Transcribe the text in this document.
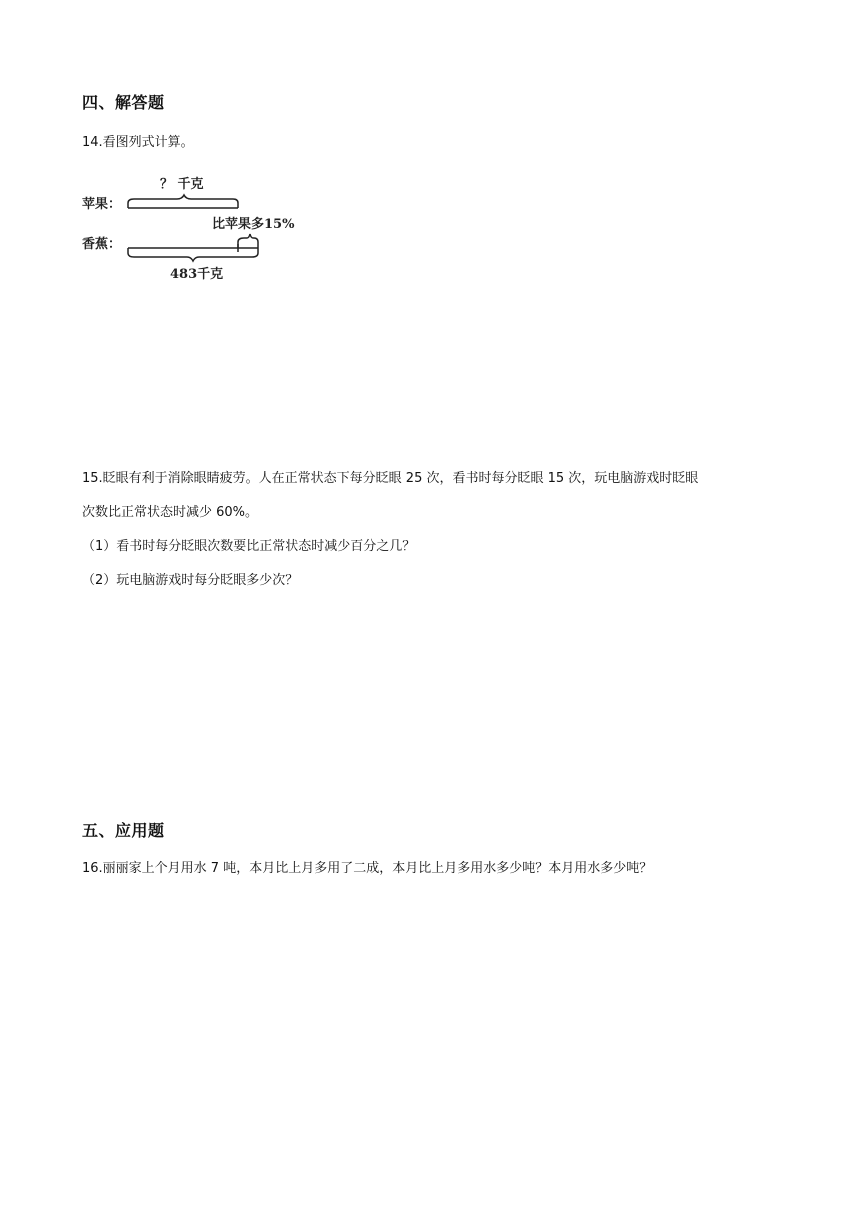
四、解答题
14.看图列式计算。
苹果：
？ 千克
比苹果多15%
香蕉：
483千克
15.眨眼有利于消除眼睛疲劳。人在正常状态下每分眨眼 25 次，看书时每分眨眼 15 次，玩电脑游戏时眨眼
次数比正常状态时减少 60%。
（1）看书时每分眨眼次数要比正常状态时减少百分之几？
（2）玩电脑游戏时每分眨眼多少次？
五、应用题
16.丽丽家上个月用水 7 吨，本月比上月多用了二成，本月比上月多用水多少吨？本月用水多少吨？
